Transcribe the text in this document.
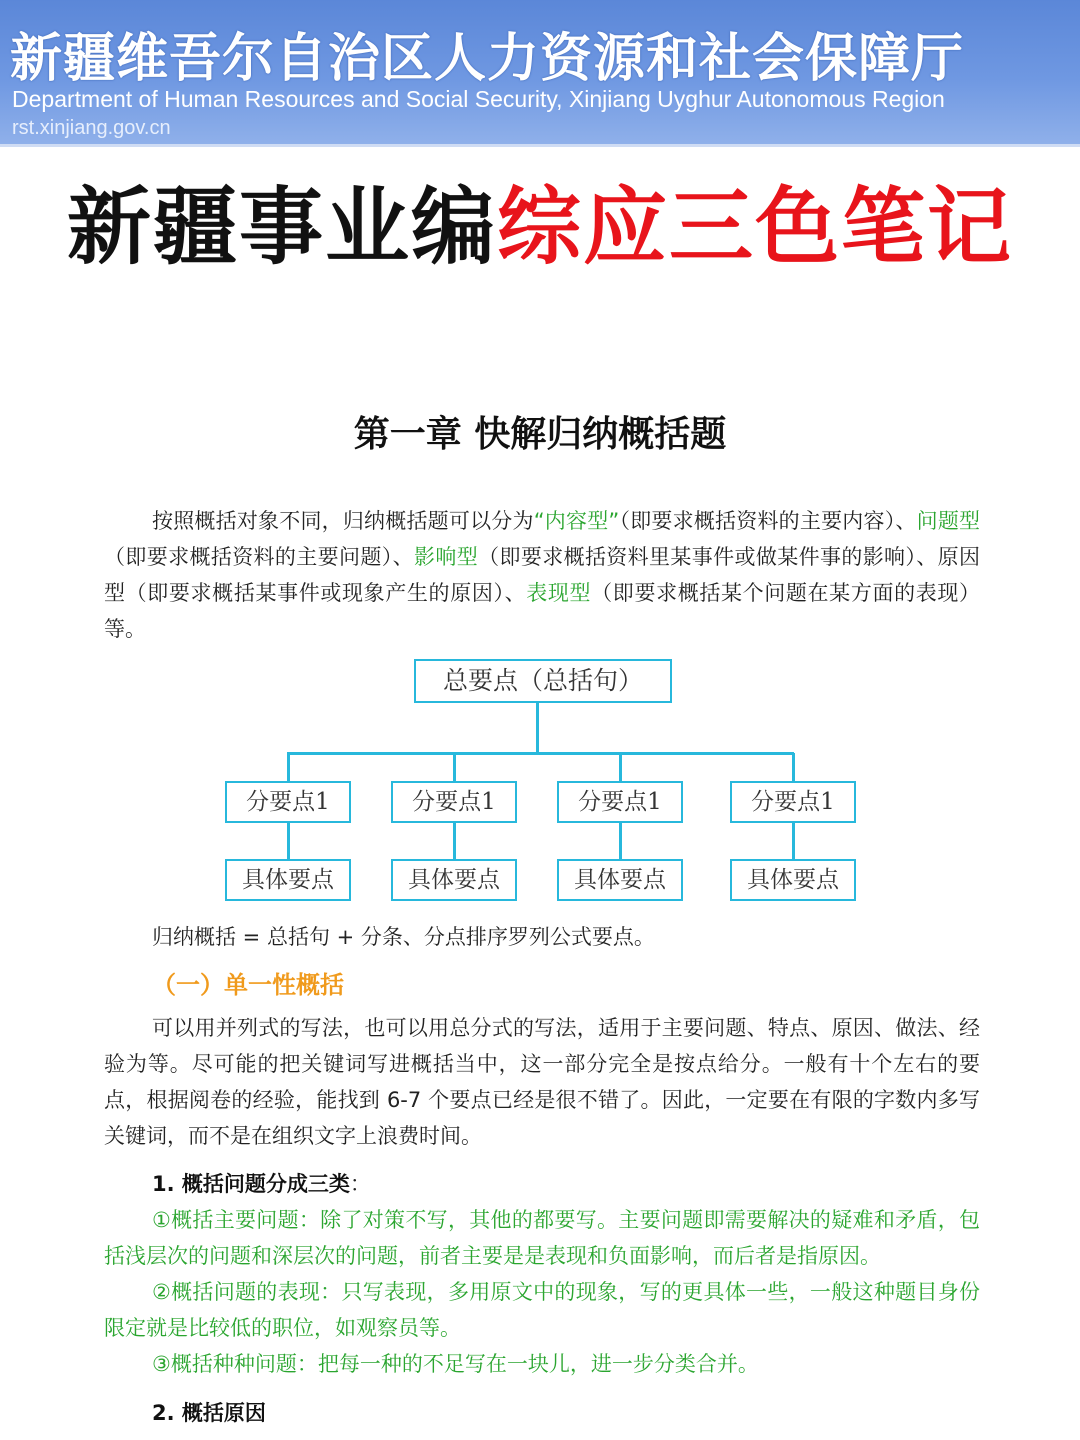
新疆维吾尔自治区人力资源和社会保障厅
Department of Human Resources and Social Security, Xinjiang Uyghur Autonomous Region
rst.xinjiang.gov.cn
新疆事业编综应三色笔记
第一章 快解归纳概括题

按照概括对象不同，归纳概括题可以分为“内容型”（即要求概括资料的主要内容）、问题型（即要求概括资料的主要问题）、影响型（即要求概括资料里某事件或做某件事的影响）、原因型（即要求概括某事件或现象产生的原因）、表现型（即要求概括某个问题在某方面的表现）等。

总要点（总括句）
分要点1	分要点1	分要点1	分要点1
具体要点	具体要点	具体要点	具体要点

归纳概括 = 总括句 + 分条、分点排序罗列公式要点。

（一）单一性概括

可以用并列式的写法，也可以用总分式的写法，适用于主要问题、特点、原因、做法、经验为等。尽可能的把关键词写进概括当中，这一部分完全是按点给分。一般有十个左右的要点，根据阅卷的经验，能找到 6-7 个要点已经是很不错了。因此，一定要在有限的字数内多写关键词，而不是在组织文字上浪费时间。

1. 概括问题分成三类：

①概括主要问题：除了对策不写，其他的都要写。主要问题即需要解决的疑难和矛盾，包括浅层次的问题和深层次的问题，前者主要是是表现和负面影响，而后者是指原因。

②概括问题的表现：只写表现，多用原文中的现象，写的更具体一些，一般这种题目身份限定就是比较低的职位，如观察员等。

③概括种种问题：把每一种的不足写在一块儿，进一步分类合并。

2. 概括原因
